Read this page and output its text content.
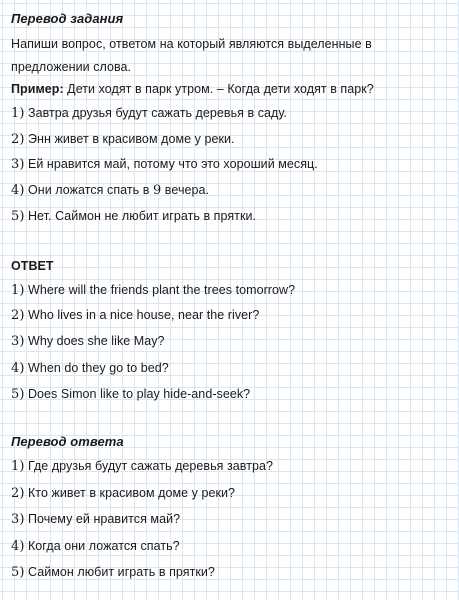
Перевод задания
Напиши вопрос, ответом на который являются выделенные в
предложении слова.
Пример: Дети ходят в парк утром. – Когда дети ходят в парк?
1) Завтра друзья будут сажать деревья в саду.
2) Энн живет в красивом доме у реки.
3) Ей нравится май, потому что это хороший месяц.
4) Они ложатся спать в 9 вечера.
5) Нет. Саймон не любит играть в прятки.
ОТВЕТ
1) Where will the friends plant the trees tomorrow?
2) Who lives in a nice house, near the river?
3) Why does she like May?
4) When do they go to bed?
5) Does Simon like to play hide-and-seek?
Перевод ответа
1) Где друзья будут сажать деревья завтра?
2) Кто живет в красивом доме у реки?
3) Почему ей нравится май?
4) Когда они ложатся спать?
5) Саймон любит играть в прятки?
